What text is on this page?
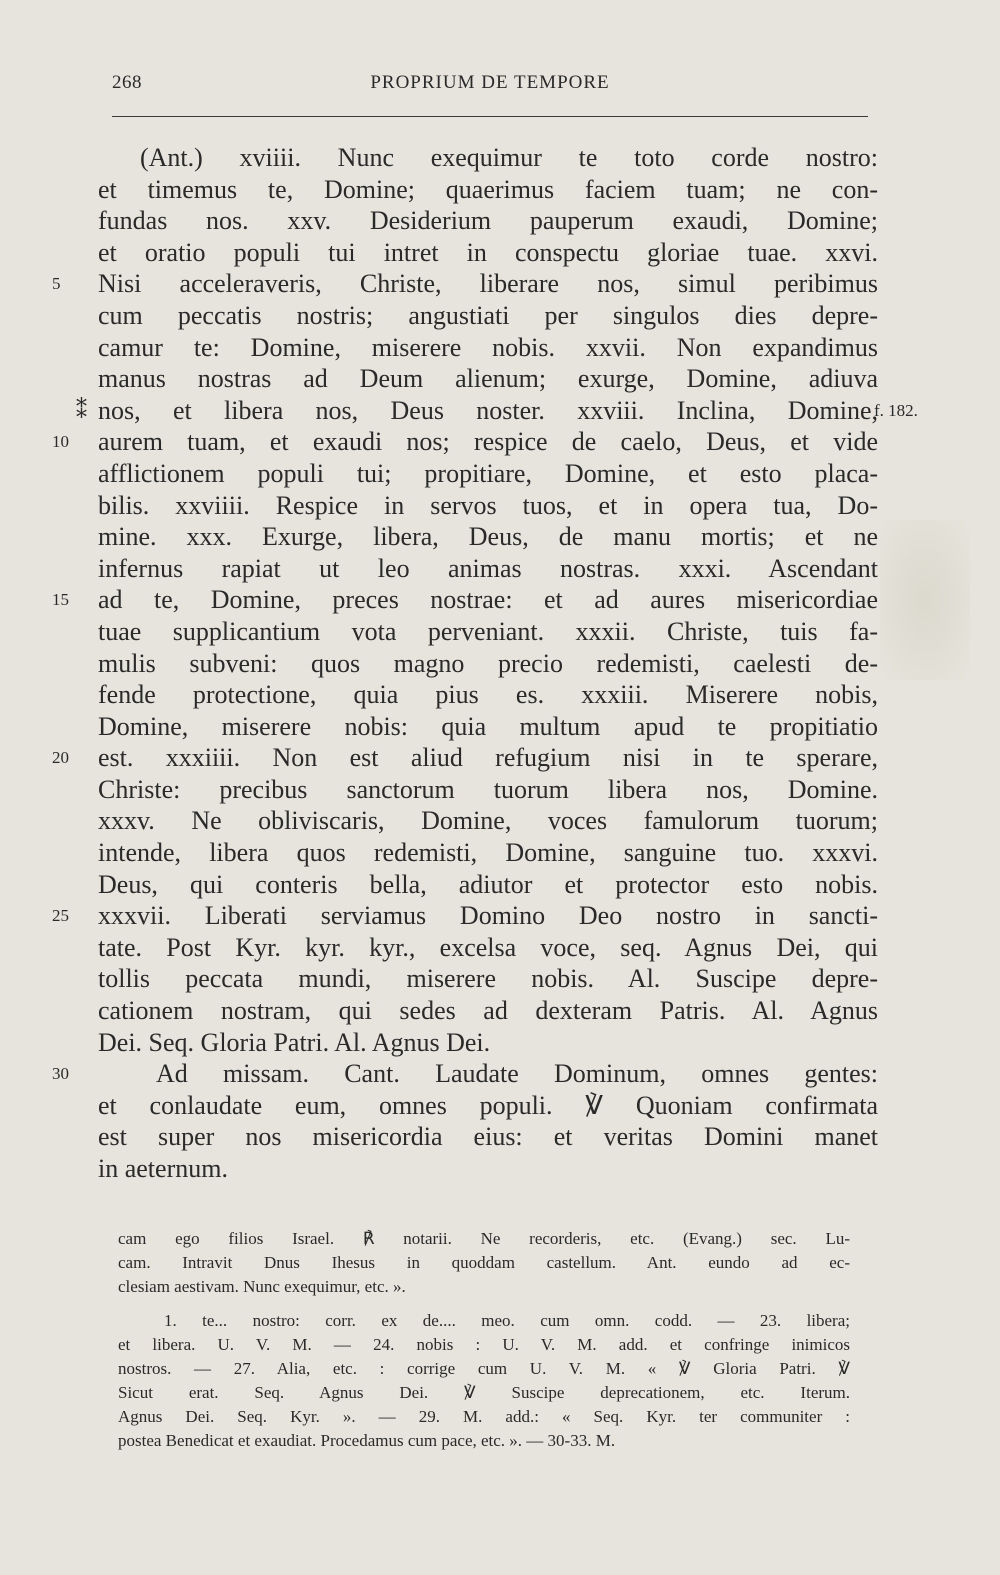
268	PROPRIUM DE TEMPORE
(Ant.) xviiii. Nunc exequimur te toto corde nostro:
et timemus te, Domine; quaerimus faciem tuam; ne con-
fundas nos. xxv. Desiderium pauperum exaudi, Domine;
et oratio populi tui intret in conspectu gloriae tuae. xxvi.
5 Nisi acceleraveris, Christe, liberare nos, simul peribimus
cum peccatis nostris; angustiati per singulos dies depre-
camur te: Domine, miserere nobis. xxvii. Non expandimus
manus nostras ad Deum alienum; exurge, Domine, adiuva
⁑ nos, et libera nos, Deus noster. xxviii. Inclina, Domine,
f. 182.
10 aurem tuam, et exaudi nos; respice de caelo, Deus, et vide
afflictionem populi tui; propitiare, Domine, et esto placa-
bilis. xxviiii. Respice in servos tuos, et in opera tua, Do-
mine. xxx. Exurge, libera, Deus, de manu mortis; et ne
infernus rapiat ut leo animas nostras. xxxi. Ascendant
15 ad te, Domine, preces nostrae: et ad aures misericordiae
tuae supplicantium vota perveniant. xxxii. Christe, tuis fa-
mulis subveni: quos magno precio redemisti, caelesti de-
fende protectione, quia pius es. xxxiii. Miserere nobis,
Domine, miserere nobis: quia multum apud te propitiatio
20 est. xxxiiii. Non est aliud refugium nisi in te sperare,
Christe: precibus sanctorum tuorum libera nos, Domine.
xxxv. Ne obliviscaris, Domine, voces famulorum tuorum;
intende, libera quos redemisti, Domine, sanguine tuo. xxxvi.
Deus, qui conteris bella, adiutor et protector esto nobis.
25 xxxvii. Liberati serviamus Domino Deo nostro in sancti-
tate. Post Kyr. kyr. kyr., excelsa voce, seq. Agnus Dei, qui
tollis peccata mundi, miserere nobis. Al. Suscipe depre-
cationem nostram, qui sedes ad dexteram Patris. Al. Agnus
Dei. Seq. Gloria Patri. Al. Agnus Dei.
30	Ad missam. Cant. Laudate Dominum, omnes gentes:
et conlaudate eum, omnes populi. ℣ Quoniam confirmata
est super nos misericordia eius: et veritas Domini manet
in aeternum.
cam ego filios Israel. ℟ notarii. Ne recorderis, etc. (Evang.) sec. Lu-
cam. Intravit Dnus Ihesus in quoddam castellum. Ant. eundo ad ec-
clesiam aestivam. Nunc exequimur, etc. ».
1. te... nostro: corr. ex de.... meo. cum omn. codd. — 23. libera;
et libera. U. V. M. — 24. nobis : U. V. M. add. et confringe inimicos
nostros. — 27. Alia, etc. : corrige cum U. V. M. « ℣ Gloria Patri. ℣
Sicut erat. Seq. Agnus Dei. ℣ Suscipe deprecationem, etc. Iterum.
Agnus Dei. Seq. Kyr. ». — 29. M. add.: « Seq. Kyr. ter communiter :
postea Benedicat et exaudiat. Procedamus cum pace, etc. ». — 30-33. M.
